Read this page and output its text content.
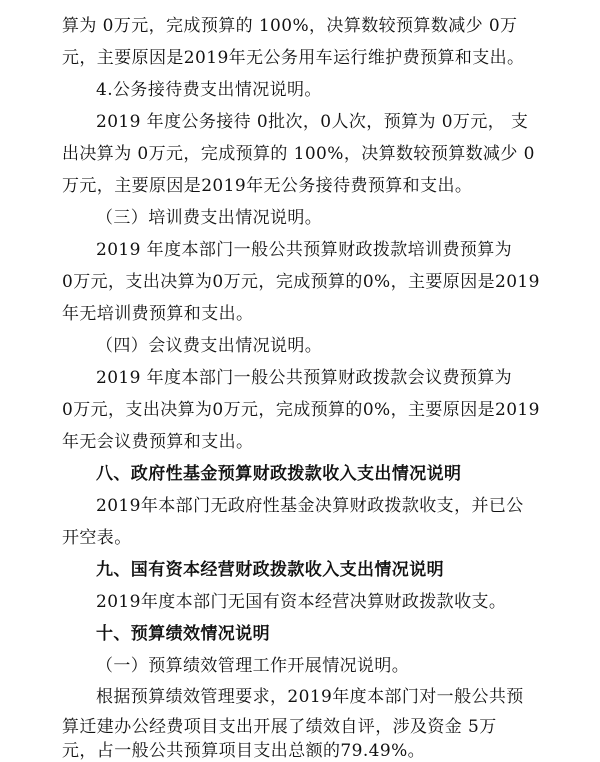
算为 0万元，完成预算的 100%，决算数较预算数减少 0万
元，主要原因是2019年无公务用车运行维护费预算和支出。
4.公务接待费支出情况说明。
2019 年度公务接待 0批次，0人次，预算为 0万元， 支
出决算为 0万元，完成预算的 100%，决算数较预算数减少 0
万元，主要原因是2019年无公务接待费预算和支出。
（三）培训费支出情况说明。
2019 年度本部门一般公共预算财政拨款培训费预算为
0万元，支出决算为0万元，完成预算的0%，主要原因是2019
年无培训费预算和支出。
（四）会议费支出情况说明。
2019 年度本部门一般公共预算财政拨款会议费预算为
0万元，支出决算为0万元，完成预算的0%，主要原因是2019
年无会议费预算和支出。
八、政府性基金预算财政拨款收入支出情况说明
2019年本部门无政府性基金决算财政拨款收支，并已公
开空表。
九、国有资本经营财政拨款收入支出情况说明
2019年度本部门无国有资本经营决算财政拨款收支。
十、预算绩效情况说明
（一）预算绩效管理工作开展情况说明。
根据预算绩效管理要求，2019年度本部门对一般公共预
算迁建办公经费项目支出开展了绩效自评，涉及资金 5万
元，占一般公共预算项目支出总额的79.49%。
